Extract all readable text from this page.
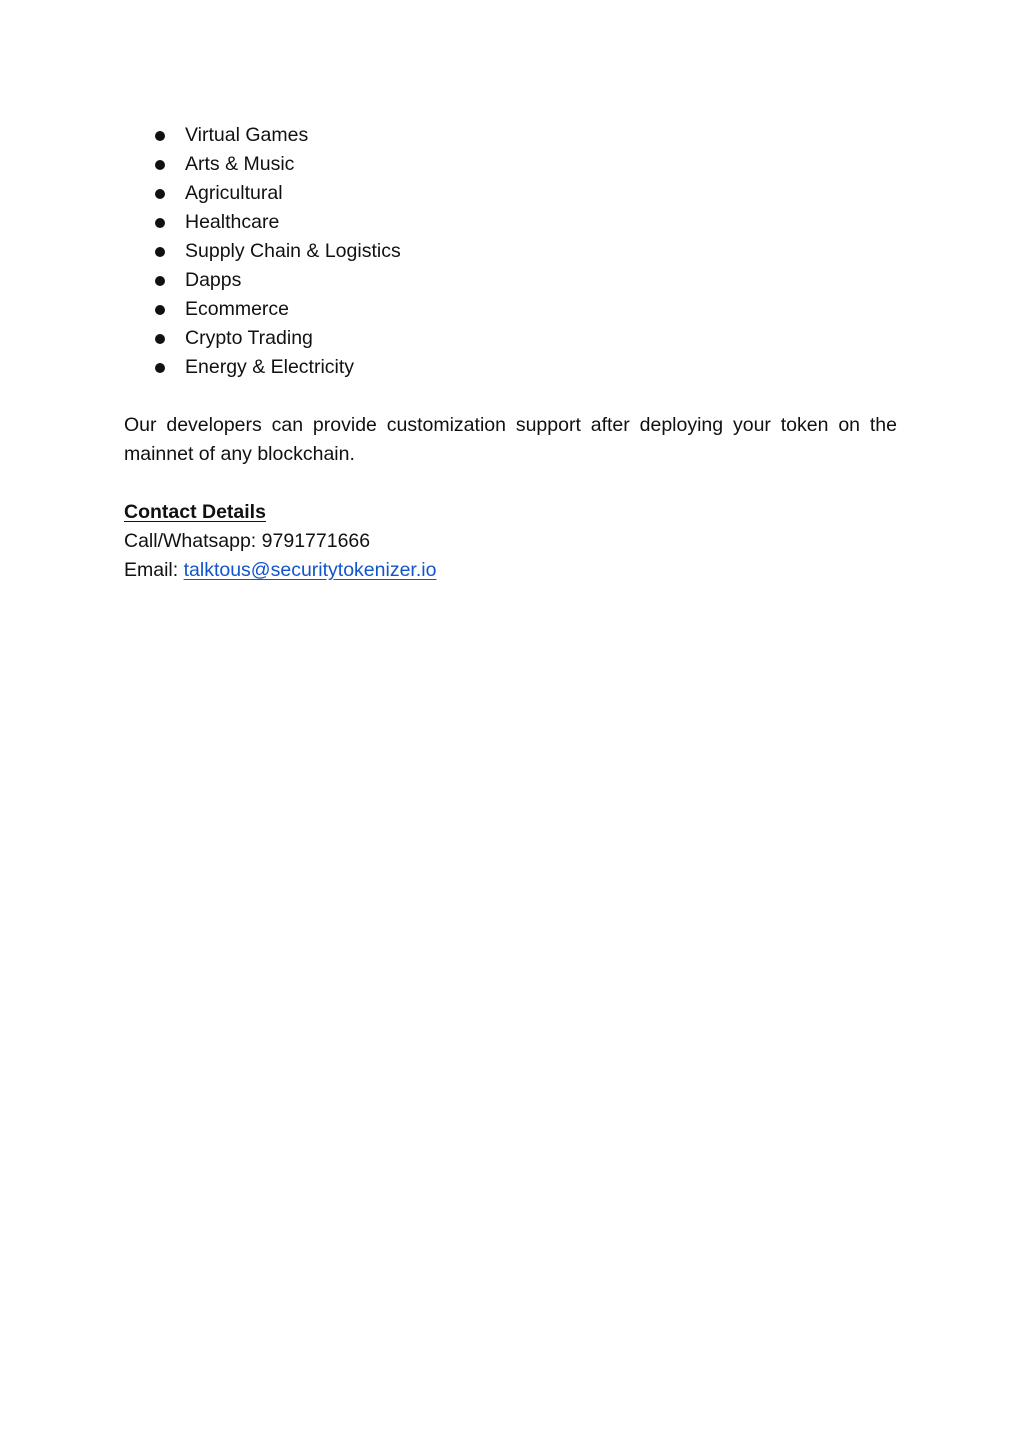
Virtual Games
Arts & Music
Agricultural
Healthcare
Supply Chain & Logistics
Dapps
Ecommerce
Crypto Trading
Energy & Electricity

Our developers can provide customization support after deploying your token on the mainnet of any blockchain.

Contact Details
Call/Whatsapp: 9791771666
Email: talktous@securitytokenizer.io
